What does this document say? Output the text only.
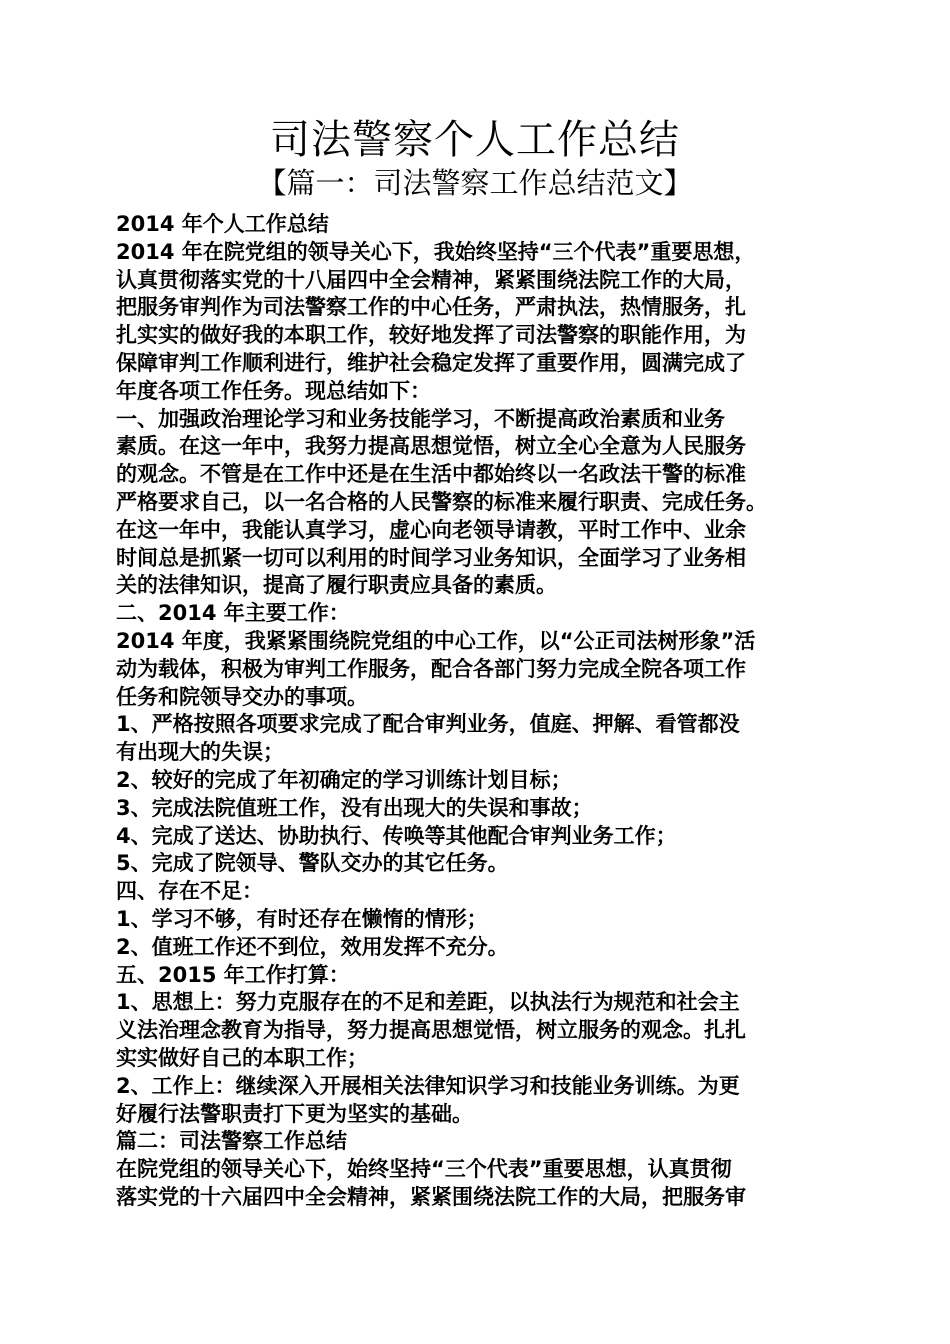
司法警察个人工作总结
【篇一：司法警察工作总结范文】

2014 年个人工作总结

2014 年在院党组的领导关心下，我始终坚持“三个代表”重要思想，

认真贯彻落实党的十八届四中全会精神，紧紧围绕法院工作的大局，

把服务审判作为司法警察工作的中心任务，严肃执法，热情服务，扎

扎实实的做好我的本职工作，较好地发挥了司法警察的职能作用，为

保障审判工作顺利进行，维护社会稳定发挥了重要作用，圆满完成了

年度各项工作任务。现总结如下：

一、加强政治理论学习和业务技能学习，不断提高政治素质和业务

素质。在这一年中，我努力提高思想觉悟，树立全心全意为人民服务

的观念。不管是在工作中还是在生活中都始终以一名政法干警的标准

严格要求自己，以一名合格的人民警察的标准来履行职责、完成任务。

在这一年中，我能认真学习，虚心向老领导请教，平时工作中、业余

时间总是抓紧一切可以利用的时间学习业务知识，全面学习了业务相

关的法律知识，提高了履行职责应具备的素质。

二、2014 年主要工作：

2014 年度，我紧紧围绕院党组的中心工作，以“公正司法树形象”活

动为载体，积极为审判工作服务，配合各部门努力完成全院各项工作

任务和院领导交办的事项。

1、严格按照各项要求完成了配合审判业务，值庭、押解、看管都没

有出现大的失误；

2、较好的完成了年初确定的学习训练计划目标；

3、完成法院值班工作，没有出现大的失误和事故；

4、完成了送达、协助执行、传唤等其他配合审判业务工作；

5、完成了院领导、警队交办的其它任务。

四、存在不足：

1、学习不够，有时还存在懒惰的情形；

2、值班工作还不到位，效用发挥不充分。

五、2015 年工作打算：

1、思想上：努力克服存在的不足和差距，以执法行为规范和社会主

义法治理念教育为指导，努力提高思想觉悟，树立服务的观念。扎扎

实实做好自己的本职工作；

2、工作上：继续深入开展相关法律知识学习和技能业务训练。为更

好履行法警职责打下更为坚实的基础。

篇二：司法警察工作总结

在院党组的领导关心下，始终坚持“三个代表”重要思想，认真贯彻

落实党的十六届四中全会精神，紧紧围绕法院工作的大局，把服务审
